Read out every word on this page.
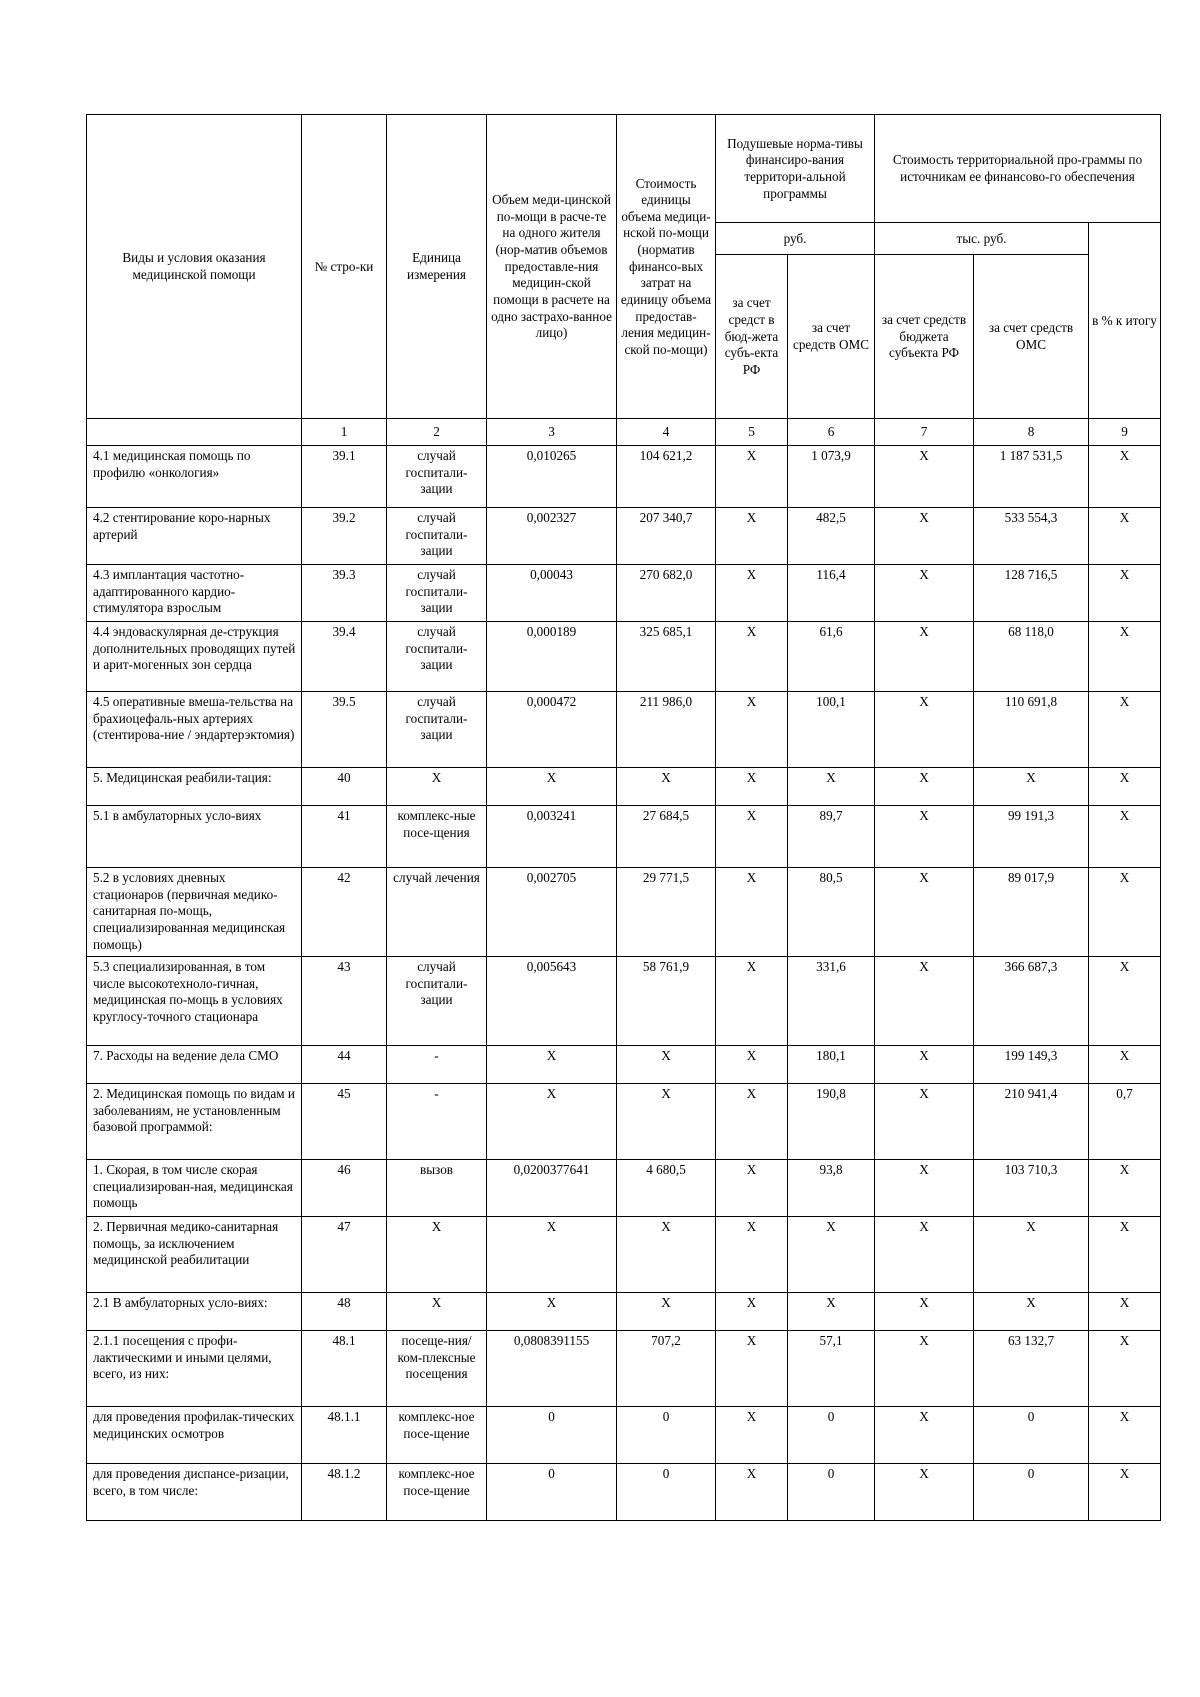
Виды и условия оказания медицинской помощи	№ стро-ки	Единица измерения	Объем меди-цинской по-мощи в расче-те на одного жителя (нор-матив объемов предоставле-ния медицин-ской помощи в расчете на одно застрахо-ванное лицо)	Стоимость единицы объема медици-нской по-мощи (норматив финансо-вых затрат на единицу объема предостав-ления медицин-ской по-мощи)	Подушевые норма-тивы финансиро-вания территори-альной программы		Стоимость территориальной про-граммы по источникам ее финансово-го обеспечения		
					руб.		тыс. руб.		в % к итогу
					за счет средст в бюд-жета субъ-екта РФ	за счет средств ОМС	за счет средств бюджета субъекта РФ	за счет средств ОМС	
	1	2	3	4	5	6	7	8	9
4.1 медицинская помощь по профилю «онкология»	39.1	случай госпитали-зации	0,010265	104 621,2	Х	1 073,9	Х	1 187 531,5	Х
4.2 стентирование коро-нарных артерий	39.2	случай госпитали-зации	0,002327	207 340,7	Х	482,5	Х	533 554,3	Х
4.3 имплантация частотно-адаптированного кардио-стимулятора взрослым	39.3	случай госпитали-зации	0,00043	270 682,0	Х	116,4	Х	128 716,5	Х
4.4 эндоваскулярная де-струкция дополнительных проводящих путей и арит-могенных зон сердца	39.4	случай госпитали-зации	0,000189	325 685,1	Х	61,6	Х	68 118,0	Х
4.5 оперативные вмеша-тельства на брахиоцефаль-ных артериях (стентирова-ние / эндартерэктомия)	39.5	случай госпитали-зации	0,000472	211 986,0	Х	100,1	Х	110 691,8	Х
5. Медицинская реабили-тация:	40	Х	Х	Х	Х	Х	Х	Х	Х
5.1 в амбулаторных усло-виях	41	комплекс-ные посе-щения	0,003241	27 684,5	Х	89,7	Х	99 191,3	Х
5.2 в условиях дневных стационаров (первичная медико-санитарная по-мощь, специализированная медицинская помощь)	42	случай лечения	0,002705	29 771,5	Х	80,5	Х	89 017,9	Х
5.3 специализированная, в том числе высокотехноло-гичная, медицинская по-мощь в условиях круглосу-точного стационара	43	случай госпитали-зации	0,005643	58 761,9	Х	331,6	Х	366 687,3	Х
7. Расходы на ведение дела СМО	44	-	Х	Х	Х	180,1	Х	199 149,3	Х
2. Медицинская помощь по видам и заболеваниям, не установленным базовой программой:	45	-	Х	Х	Х	190,8	Х	210 941,4	0,7
1. Скорая, в том числе скорая специализирован-ная, медицинская помощь	46	вызов	0,0200377641	4 680,5	Х	93,8	Х	103 710,3	Х
2. Первичная медико-санитарная помощь, за исключением медицинской реабилитации	47	Х	Х	Х	Х	Х	Х	Х	Х
2.1 В амбулаторных усло-виях:	48	Х	Х	Х	Х	Х	Х	Х	Х
2.1.1 посещения с профи-лактическими и иными целями, всего, из них:	48.1	посеще-ния/ ком-плексные посещения	0,0808391155	707,2	Х	57,1	Х	63 132,7	Х
для проведения профилак-тических медицинских осмотров	48.1.1	комплекс-ное посе-щение	0	0	Х	0	Х	0	Х
для проведения диспансе-ризации, всего, в том числе:	48.1.2	комплекс-ное посе-щение	0	0	Х	0	Х	0	Х
